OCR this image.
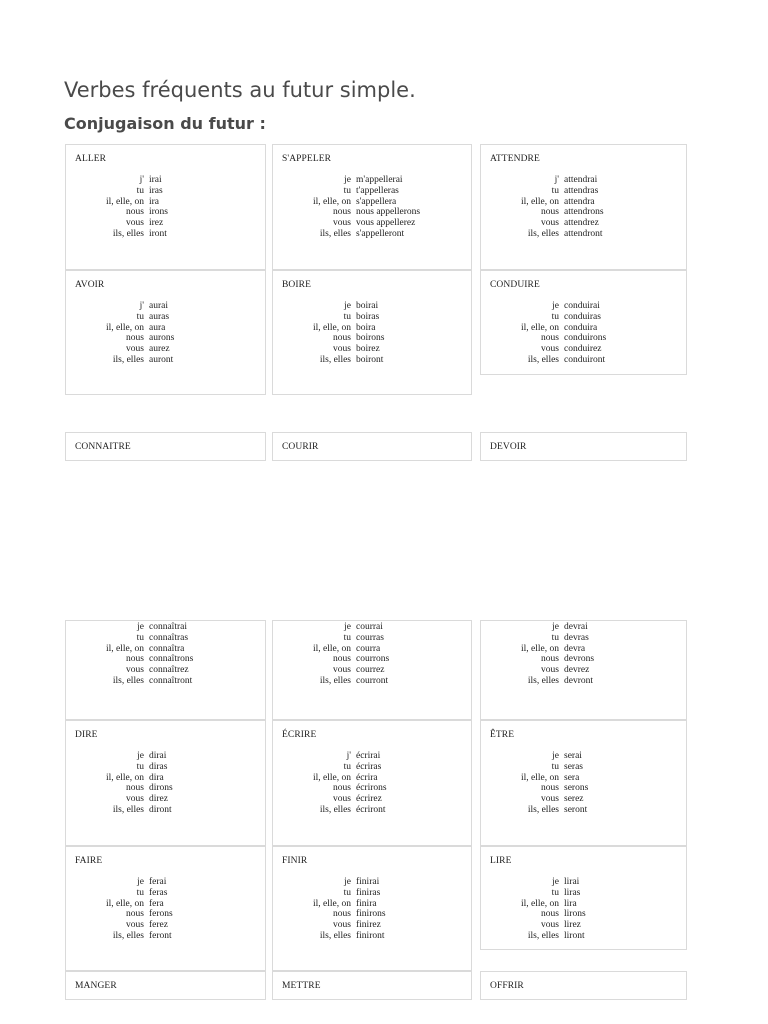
Verbes fréquents au futur simple.
Conjugaison du futur :
ALLER
j' irai
tu iras
il, elle, on ira
nous irons
vous irez
ils, elles iront
S'APPELER
je m'appellerai
tu t'appelleras
il, elle, on s'appellera
nous nous appellerons
vous vous appellerez
ils, elles s'appelleront
ATTENDRE
j' attendrai
tu attendras
il, elle, on attendra
nous attendrons
vous attendrez
ils, elles attendront
AVOIR
j' aurai
tu auras
il, elle, on aura
nous aurons
vous aurez
ils, elles auront
BOIRE
je boirai
tu boiras
il, elle, on boira
nous boirons
vous boirez
ils, elles boiront
CONDUIRE
je conduirai
tu conduiras
il, elle, on conduira
nous conduirons
vous conduirez
ils, elles conduiront
CONNAITRE	COURIR	DEVOIR
je connaîtrai
tu connaîtras
il, elle, on connaîtra
nous connaîtrons
vous connaîtrez
ils, elles connaîtront
je courrai
tu courras
il, elle, on courra
nous courrons
vous courrez
ils, elles courront
je devrai
tu devras
il, elle, on devra
nous devrons
vous devrez
ils, elles devront
DIRE
je dirai
tu diras
il, elle, on dira
nous dirons
vous direz
ils, elles diront
ÉCRIRE
j' écrirai
tu écriras
il, elle, on écrira
nous écrirons
vous écrirez
ils, elles écriront
ÊTRE
je serai
tu seras
il, elle, on sera
nous serons
vous serez
ils, elles seront
FAIRE
je ferai
tu feras
il, elle, on fera
nous ferons
vous ferez
ils, elles feront
FINIR
je finirai
tu finiras
il, elle, on finira
nous finirons
vous finirez
ils, elles finiront
LIRE
je lirai
tu liras
il, elle, on lira
nous lirons
vous lirez
ils, elles liront
MANGER	METTRE	OFFRIR
